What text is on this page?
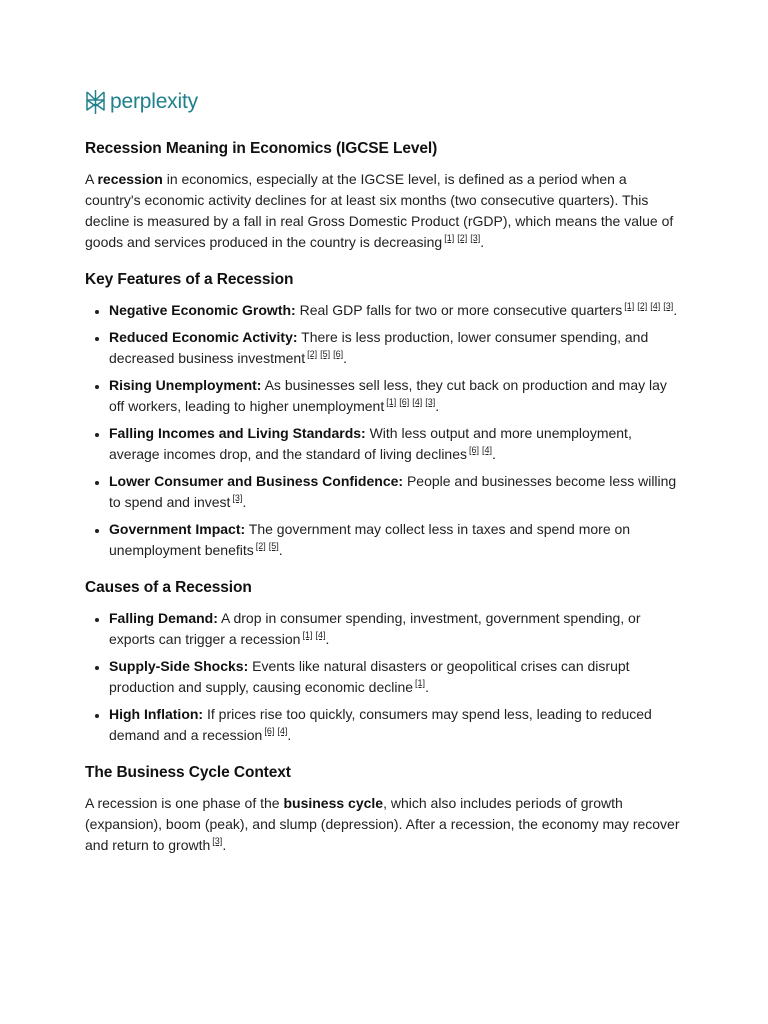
perplexity
Recession Meaning in Economics (IGCSE Level)

A recession in economics, especially at the IGCSE level, is defined as a period when a country's economic activity declines for at least six months (two consecutive quarters). This decline is measured by a fall in real Gross Domestic Product (rGDP), which means the value of goods and services produced in the country is decreasing [1] [2] [3].

Key Features of a Recession
• Negative Economic Growth: Real GDP falls for two or more consecutive quarters [1] [2] [4] [3].
• Reduced Economic Activity: There is less production, lower consumer spending, and decreased business investment [2] [5] [6].
• Rising Unemployment: As businesses sell less, they cut back on production and may lay off workers, leading to higher unemployment [1] [6] [4] [3].
• Falling Incomes and Living Standards: With less output and more unemployment, average incomes drop, and the standard of living declines [6] [4].
• Lower Consumer and Business Confidence: People and businesses become less willing to spend and invest [3].
• Government Impact: The government may collect less in taxes and spend more on unemployment benefits [2] [5].
Causes of a Recession
• Falling Demand: A drop in consumer spending, investment, government spending, or exports can trigger a recession [1] [4].
• Supply-Side Shocks: Events like natural disasters or geopolitical crises can disrupt production and supply, causing economic decline [1].
• High Inflation: If prices rise too quickly, consumers may spend less, leading to reduced demand and a recession [6] [4].
The Business Cycle Context

A recession is one phase of the business cycle, which also includes periods of growth (expansion), boom (peak), and slump (depression). After a recession, the economy may recover and return to growth [3].
